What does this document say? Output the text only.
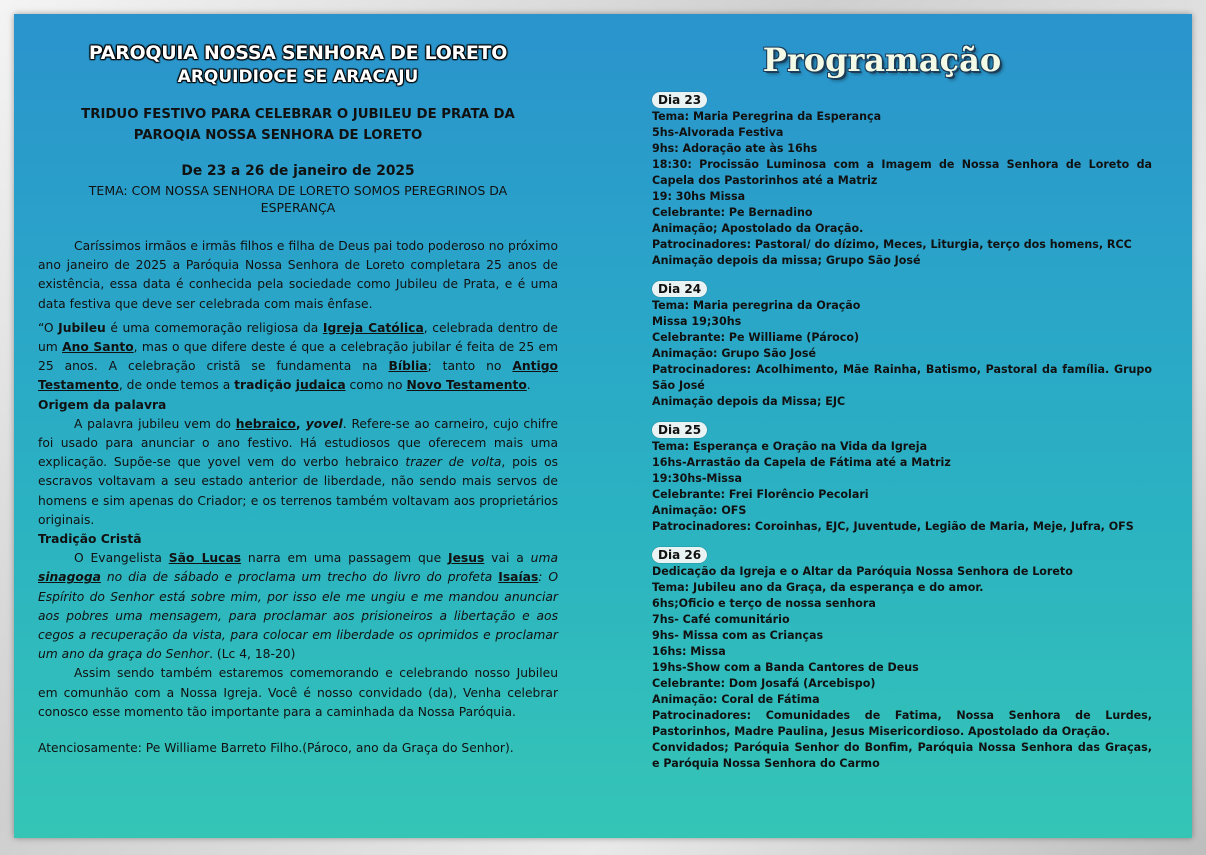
PAROQUIA NOSSA SENHORA DE LORETO
ARQUIDIOCE SE ARACAJU
TRIDUO FESTIVO PARA CELEBRAR O JUBILEU DE PRATA DA
PAROQIA NOSSA SENHORA DE LORETO
De 23 a 26 de janeiro de 2025
TEMA: COM NOSSA SENHORA DE LORETO SOMOS PEREGRINOS DA
ESPERANÇA

Caríssimos irmãos e irmãs filhos e filha de Deus pai todo poderoso no próximo ano janeiro de 2025 a Paróquia Nossa Senhora de Loreto completara 25 anos de existência, essa data é conhecida pela sociedade como Jubileu de Prata, e é uma data festiva que deve ser celebrada com mais ênfase.

“O Jubileu é uma comemoração religiosa da Igreja Católica, celebrada dentro de um Ano Santo, mas o que difere deste é que a celebração jubilar é feita de 25 em 25 anos. A celebração cristã se fundamenta na Bíblia; tanto no Antigo Testamento, de onde temos a tradição judaica como no Novo Testamento.

Origem da palavra

A palavra jubileu vem do hebraico, yovel. Refere-se ao carneiro, cujo chifre foi usado para anunciar o ano festivo. Há estudiosos que oferecem mais uma explicação. Supõe-se que yovel vem do verbo hebraico trazer de volta, pois os escravos voltavam a seu estado anterior de liberdade, não sendo mais servos de homens e sim apenas do Criador; e os terrenos também voltavam aos proprietários originais.

Tradição Cristã

O Evangelista São Lucas narra em uma passagem que Jesus vai a uma sinagoga no dia de sábado e proclama um trecho do livro do profeta Isaías: O Espírito do Senhor está sobre mim, por isso ele me ungiu e me mandou anunciar aos pobres uma mensagem, para proclamar aos prisioneiros a libertação e aos cegos a recuperação da vista, para colocar em liberdade os oprimidos e proclamar um ano da graça do Senhor. (Lc 4, 18-20)

Assim sendo também estaremos comemorando e celebrando nosso Jubileu em comunhão com a Nossa Igreja. Você é nosso convidado (da), Venha celebrar conosco esse momento tão importante para a caminhada da Nossa Paróquia.

Atenciosamente: Pe Williame Barreto Filho.(Pároco, ano da Graça do Senhor).
Programação
Dia 23
Tema: Maria Peregrina da Esperança
5hs-Alvorada Festiva
9hs: Adoração ate às 16hs
18:30: Procissão Luminosa com a Imagem de Nossa Senhora de Loreto da Capela dos Pastorinhos até a Matriz
19: 30hs Missa
Celebrante: Pe Bernadino
Animação; Apostolado da Oração.
Patrocinadores: Pastoral/ do dízimo, Meces, Liturgia, terço dos homens, RCC
Animação depois da missa; Grupo São José
Dia 24
Tema: Maria peregrina da Oração
Missa 19;30hs
Celebrante: Pe Williame (Pároco)
Animação: Grupo São José
Patrocinadores: Acolhimento, Mãe Rainha, Batismo, Pastoral da família. Grupo São José
Animação depois da Missa; EJC
Dia 25
Tema: Esperança e Oração na Vida da Igreja
16hs-Arrastão da Capela de Fátima até a Matriz
19:30hs-Missa
Celebrante: Frei Florêncio Pecolari
Animação: OFS
Patrocinadores: Coroinhas, EJC, Juventude, Legião de Maria, Meje, Jufra, OFS
Dia 26
Dedicação da Igreja e o Altar da Paróquia Nossa Senhora de Loreto
Tema: Jubileu ano da Graça, da esperança e do amor.
6hs;Oficio e terço de nossa senhora
7hs- Café comunitário
9hs- Missa com as Crianças
16hs: Missa
19hs-Show com a Banda Cantores de Deus
Celebrante: Dom Josafá (Arcebispo)
Animação: Coral de Fátima
Patrocinadores: Comunidades de Fatima, Nossa Senhora de Lurdes, Pastorinhos, Madre Paulina, Jesus Misericordioso. Apostolado da Oração.
Convidados; Paróquia Senhor do Bonfim, Paróquia Nossa Senhora das Graças, e Paróquia Nossa Senhora do Carmo
